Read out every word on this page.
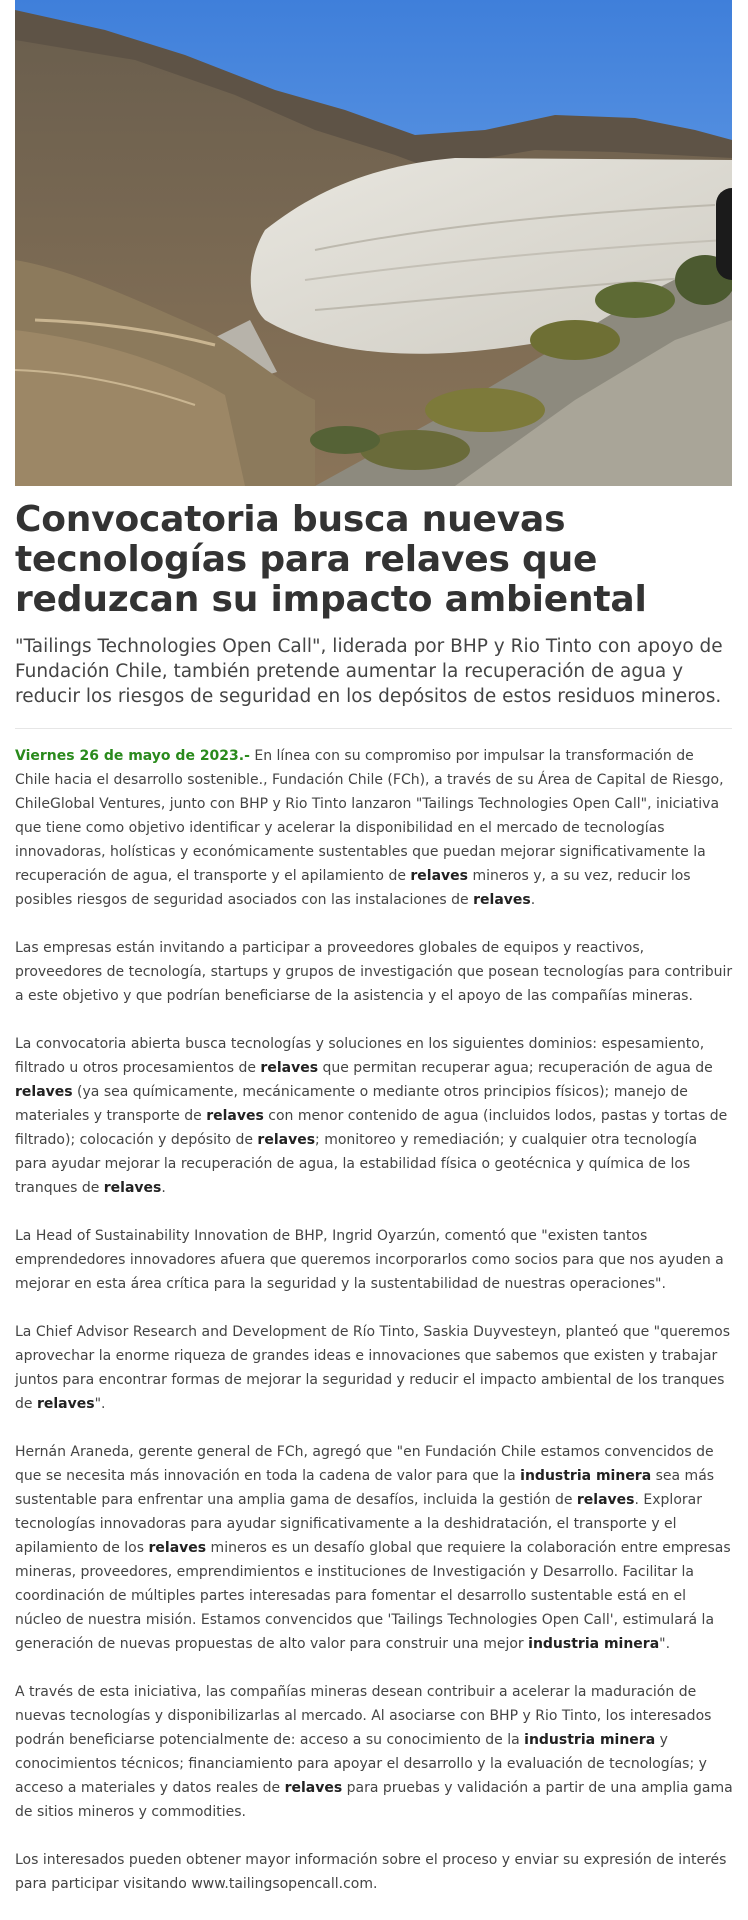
Convocatoria busca nuevas tecnologías para relaves que reduzcan su impacto ambiental

"Tailings Technologies Open Call", liderada por BHP y Rio Tinto con apoyo de Fundación Chile, también pretende aumentar la recuperación de agua y reducir los riesgos de seguridad en los depósitos de estos residuos mineros.

Viernes 26 de mayo de 2023.- En línea con su compromiso por impulsar la transformación de Chile hacia el desarrollo sostenible., Fundación Chile (FCh), a través de su Área de Capital de Riesgo, ChileGlobal Ventures, junto con BHP y Rio Tinto lanzaron "Tailings Technologies Open Call", iniciativa que tiene como objetivo identificar y acelerar la disponibilidad en el mercado de tecnologías innovadoras, holísticas y económicamente sustentables que puedan mejorar significativamente la recuperación de agua, el transporte y el apilamiento de relaves mineros y, a su vez, reducir los posibles riesgos de seguridad asociados con las instalaciones de relaves.

Las empresas están invitando a participar a proveedores globales de equipos y reactivos, proveedores de tecnología, startups y grupos de investigación que posean tecnologías para contribuir a este objetivo y que podrían beneficiarse de la asistencia y el apoyo de las compañías mineras.

La convocatoria abierta busca tecnologías y soluciones en los siguientes dominios: espesamiento, filtrado u otros procesamientos de relaves que permitan recuperar agua; recuperación de agua de relaves (ya sea químicamente, mecánicamente o mediante otros principios físicos); manejo de materiales y transporte de relaves con menor contenido de agua (incluidos lodos, pastas y tortas de filtrado); colocación y depósito de relaves; monitoreo y remediación; y cualquier otra tecnología para ayudar mejorar la recuperación de agua, la estabilidad física o geotécnica y química de los tranques de relaves.

La Head of Sustainability Innovation de BHP, Ingrid Oyarzún, comentó que "existen tantos emprendedores innovadores afuera que queremos incorporarlos como socios para que nos ayuden a mejorar en esta área crítica para la seguridad y la sustentabilidad de nuestras operaciones".

La Chief Advisor Research and Development de Río Tinto, Saskia Duyvesteyn, planteó que "queremos aprovechar la enorme riqueza de grandes ideas e innovaciones que sabemos que existen y trabajar juntos para encontrar formas de mejorar la seguridad y reducir el impacto ambiental de los tranques de relaves".

Hernán Araneda, gerente general de FCh, agregó que "en Fundación Chile estamos convencidos de que se necesita más innovación en toda la cadena de valor para que la industria minera sea más sustentable para enfrentar una amplia gama de desafíos, incluida la gestión de relaves. Explorar tecnologías innovadoras para ayudar significativamente a la deshidratación, el transporte y el apilamiento de los relaves mineros es un desafío global que requiere la colaboración entre empresas mineras, proveedores, emprendimientos e instituciones de Investigación y Desarrollo. Facilitar la coordinación de múltiples partes interesadas para fomentar el desarrollo sustentable está en el núcleo de nuestra misión. Estamos convencidos que 'Tailings Technologies Open Call', estimulará la generación de nuevas propuestas de alto valor para construir una mejor industria minera".

A través de esta iniciativa, las compañías mineras desean contribuir a acelerar la maduración de nuevas tecnologías y disponibilizarlas al mercado. Al asociarse con BHP y Rio Tinto, los interesados podrán beneficiarse potencialmente de: acceso a su conocimiento de la industria minera y conocimientos técnicos; financiamiento para apoyar el desarrollo y la evaluación de tecnologías; y acceso a materiales y datos reales de relaves para pruebas y validación a partir de una amplia gama de sitios mineros y commodities.

Los interesados pueden obtener mayor información sobre el proceso y enviar su expresión de interés para participar visitando www.tailingsopencall.com.
